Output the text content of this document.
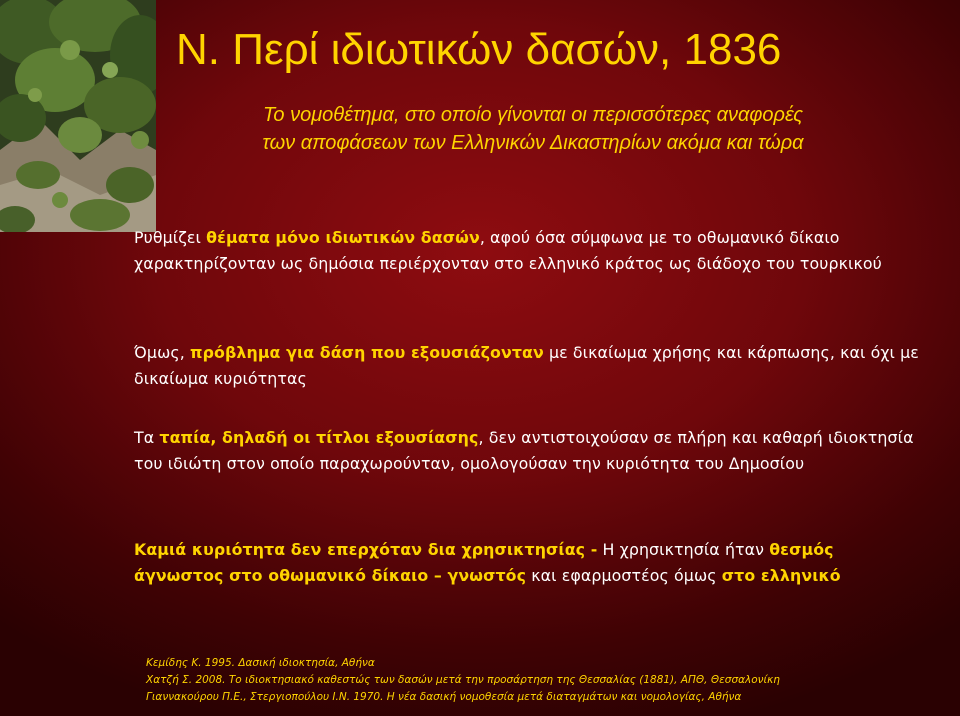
Ν. Περί ιδιωτικών δασών, 1836
Το νομοθέτημα, στο οποίο γίνονται οι περισσότερες αναφορές
των αποφάσεων των Ελληνικών Δικαστηρίων ακόμα και τώρα

Ρυθμίζει θέματα μόνο ιδιωτικών δασών, αφού όσα σύμφωνα με το οθωμανικό δίκαιο χαρακτηρίζονταν ως δημόσια περιέρχονταν στο ελληνικό κράτος ως διάδοχο του τουρκικού

Όμως, πρόβλημα για δάση που εξουσιάζονταν με δικαίωμα χρήσης και κάρπωσης, και όχι με δικαίωμα κυριότητας

Τα ταπία, δηλαδή οι τίτλοι εξουσίασης, δεν αντιστοιχούσαν σε πλήρη και καθαρή ιδιοκτησία του ιδιώτη στον οποίο παραχωρούνταν, ομολογούσαν την κυριότητα του Δημοσίου

Καμιά κυριότητα δεν επερχόταν δια χρησικτησίας - Η χρησικτησία ήταν θεσμός άγνωστος στο οθωμανικό δίκαιο – γνωστός και εφαρμοστέος όμως στο ελληνικό

Κεμίδης Κ. 1995. Δασική ιδιοκτησία, Αθήνα
Χατζή Σ. 2008. Το ιδιοκτησιακό καθεστώς των δασών μετά την προσάρτηση της Θεσσαλίας (1881), ΑΠΘ, Θεσσαλονίκη
Γιαννακούρου Π.Ε., Στεργιοπούλου Ι.Ν. 1970. Η νέα δασική νομοθεσία μετά διαταγμάτων και νομολογίας, Αθήνα
